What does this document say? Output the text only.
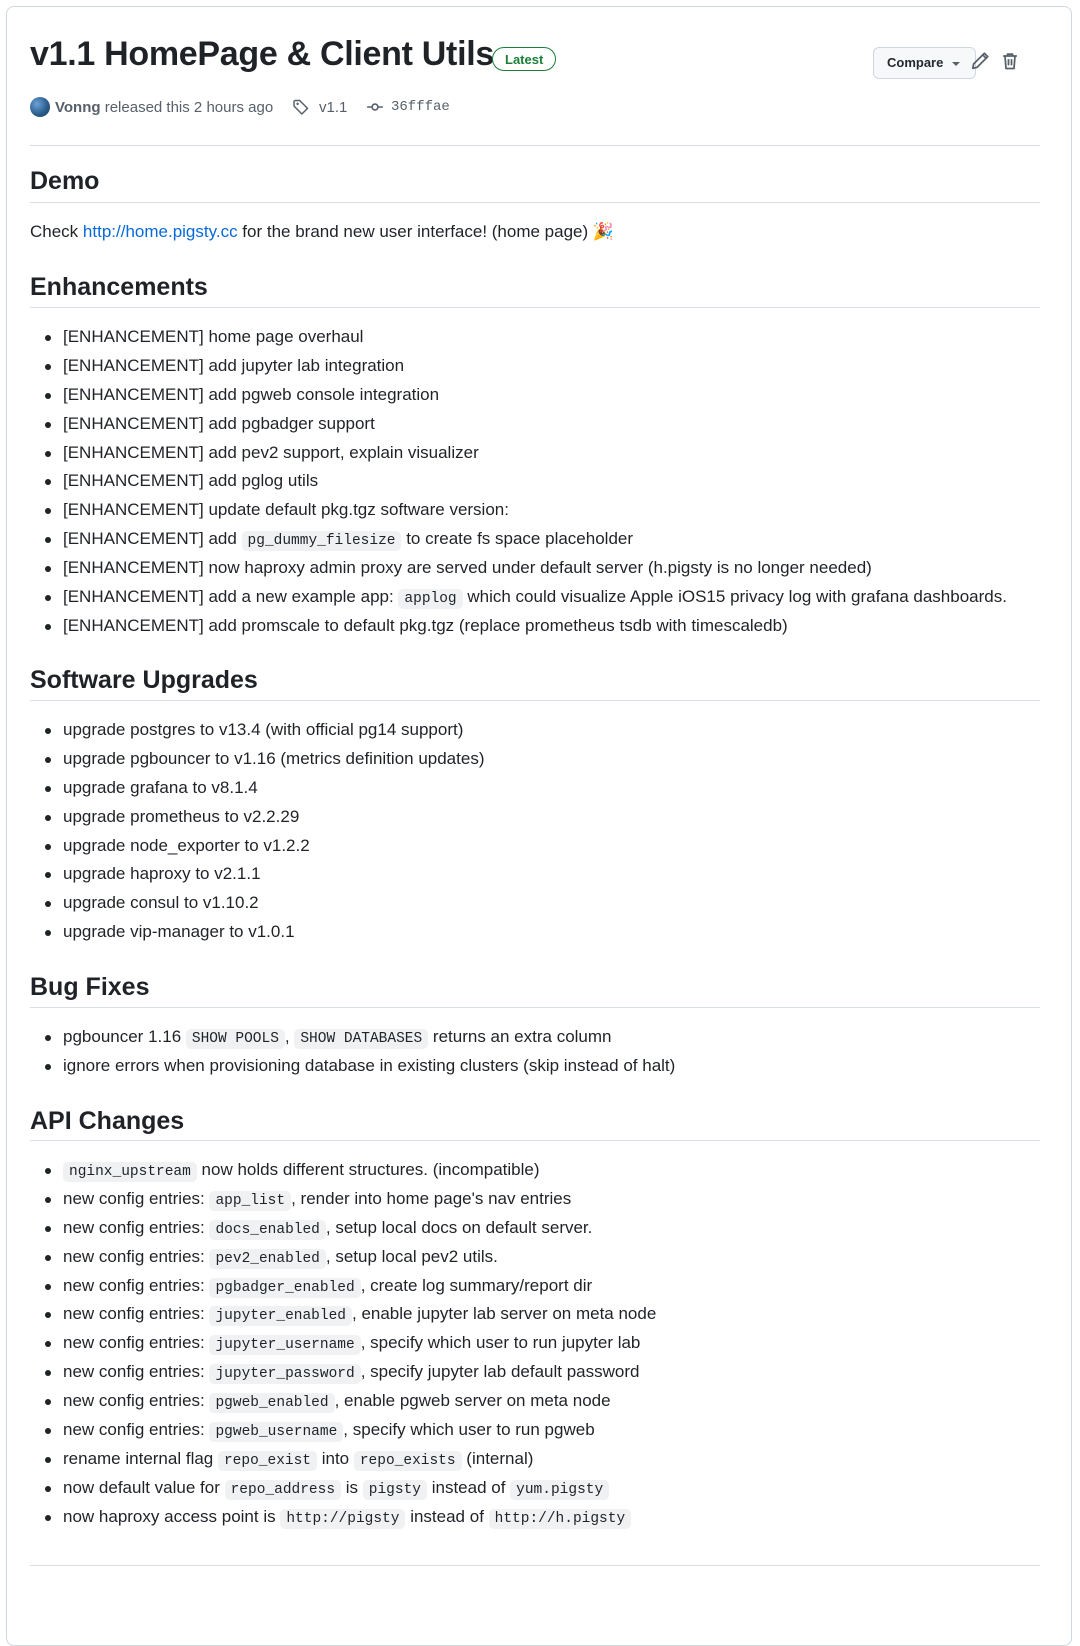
v1.1 HomePage & Client Utils Latest	Compare
Vonng released this 2 hours ago	v1.1	36fffae
Demo

Check http://home.pigsty.cc for the brand new user interface! (home page) 🎉

Enhancements
[ENHANCEMENT] home page overhaul
[ENHANCEMENT] add jupyter lab integration
[ENHANCEMENT] add pgweb console integration
[ENHANCEMENT] add pgbadger support
[ENHANCEMENT] add pev2 support, explain visualizer
[ENHANCEMENT] add pglog utils
[ENHANCEMENT] update default pkg.tgz software version:
[ENHANCEMENT] add pg_dummy_filesize to create fs space placeholder
[ENHANCEMENT] now haproxy admin proxy are served under default server (h.pigsty is no longer needed)
[ENHANCEMENT] add a new example app: applog which could visualize Apple iOS15 privacy log with grafana dashboards.
[ENHANCEMENT] add promscale to default pkg.tgz (replace prometheus tsdb with timescaledb)
Software Upgrades
upgrade postgres to v13.4 (with official pg14 support)
upgrade pgbouncer to v1.16 (metrics definition updates)
upgrade grafana to v8.1.4
upgrade prometheus to v2.2.29
upgrade node_exporter to v1.2.2
upgrade haproxy to v2.1.1
upgrade consul to v1.10.2
upgrade vip-manager to v1.0.1
Bug Fixes
pgbouncer 1.16 SHOW POOLS , SHOW DATABASES returns an extra column
ignore errors when provisioning database in existing clusters (skip instead of halt)
API Changes
nginx_upstream now holds different structures. (incompatible)
new config entries: app_list , render into home page's nav entries
new config entries: docs_enabled , setup local docs on default server.
new config entries: pev2_enabled , setup local pev2 utils.
new config entries: pgbadger_enabled , create log summary/report dir
new config entries: jupyter_enabled , enable jupyter lab server on meta node
new config entries: jupyter_username , specify which user to run jupyter lab
new config entries: jupyter_password , specify jupyter lab default password
new config entries: pgweb_enabled , enable pgweb server on meta node
new config entries: pgweb_username , specify which user to run pgweb
rename internal flag repo_exist into repo_exists (internal)
now default value for repo_address is pigsty instead of yum.pigsty
now haproxy access point is http://pigsty instead of http://h.pigsty
